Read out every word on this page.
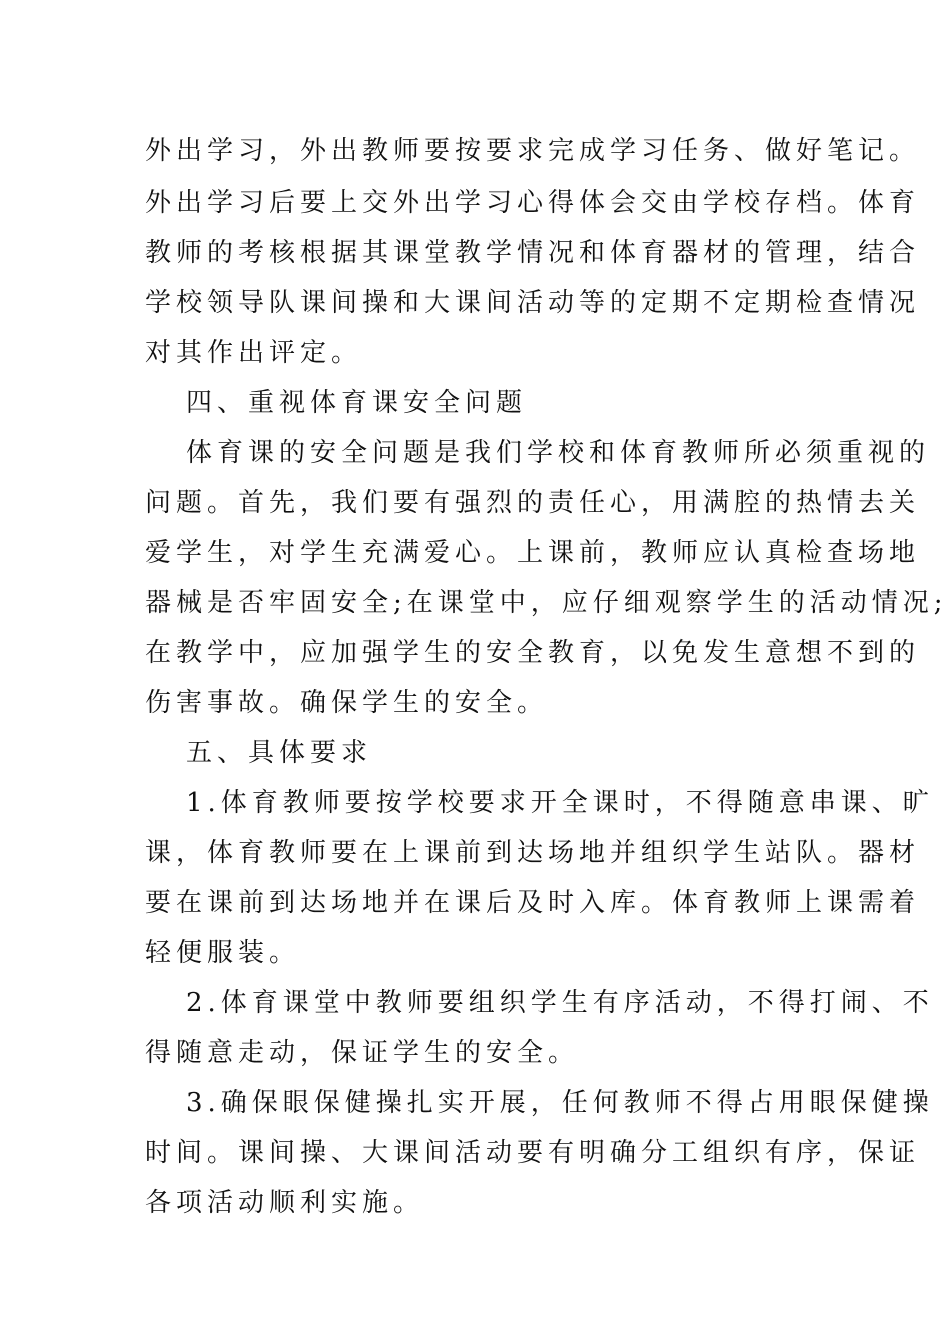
外出学习，外出教师要按要求完成学习任务、做好笔记。
外出学习后要上交外出学习心得体会交由学校存档。体育
教师的考核根据其课堂教学情况和体育器材的管理，结合
学校领导队课间操和大课间活动等的定期不定期检查情况
对其作出评定。
四、重视体育课安全问题
体育课的安全问题是我们学校和体育教师所必须重视的
问题。首先，我们要有强烈的责任心，用满腔的热情去关
爱学生，对学生充满爱心。上课前，教师应认真检查场地
器械是否牢固安全;在课堂中，应仔细观察学生的活动情况;
在教学中，应加强学生的安全教育，以免发生意想不到的
伤害事故。确保学生的安全。
五、具体要求
1.体育教师要按学校要求开全课时，不得随意串课、旷
课，体育教师要在上课前到达场地并组织学生站队。器材
要在课前到达场地并在课后及时入库。体育教师上课需着
轻便服装。
2.体育课堂中教师要组织学生有序活动，不得打闹、不
得随意走动，保证学生的安全。
3.确保眼保健操扎实开展，任何教师不得占用眼保健操
时间。课间操、大课间活动要有明确分工组织有序，保证
各项活动顺利实施。
